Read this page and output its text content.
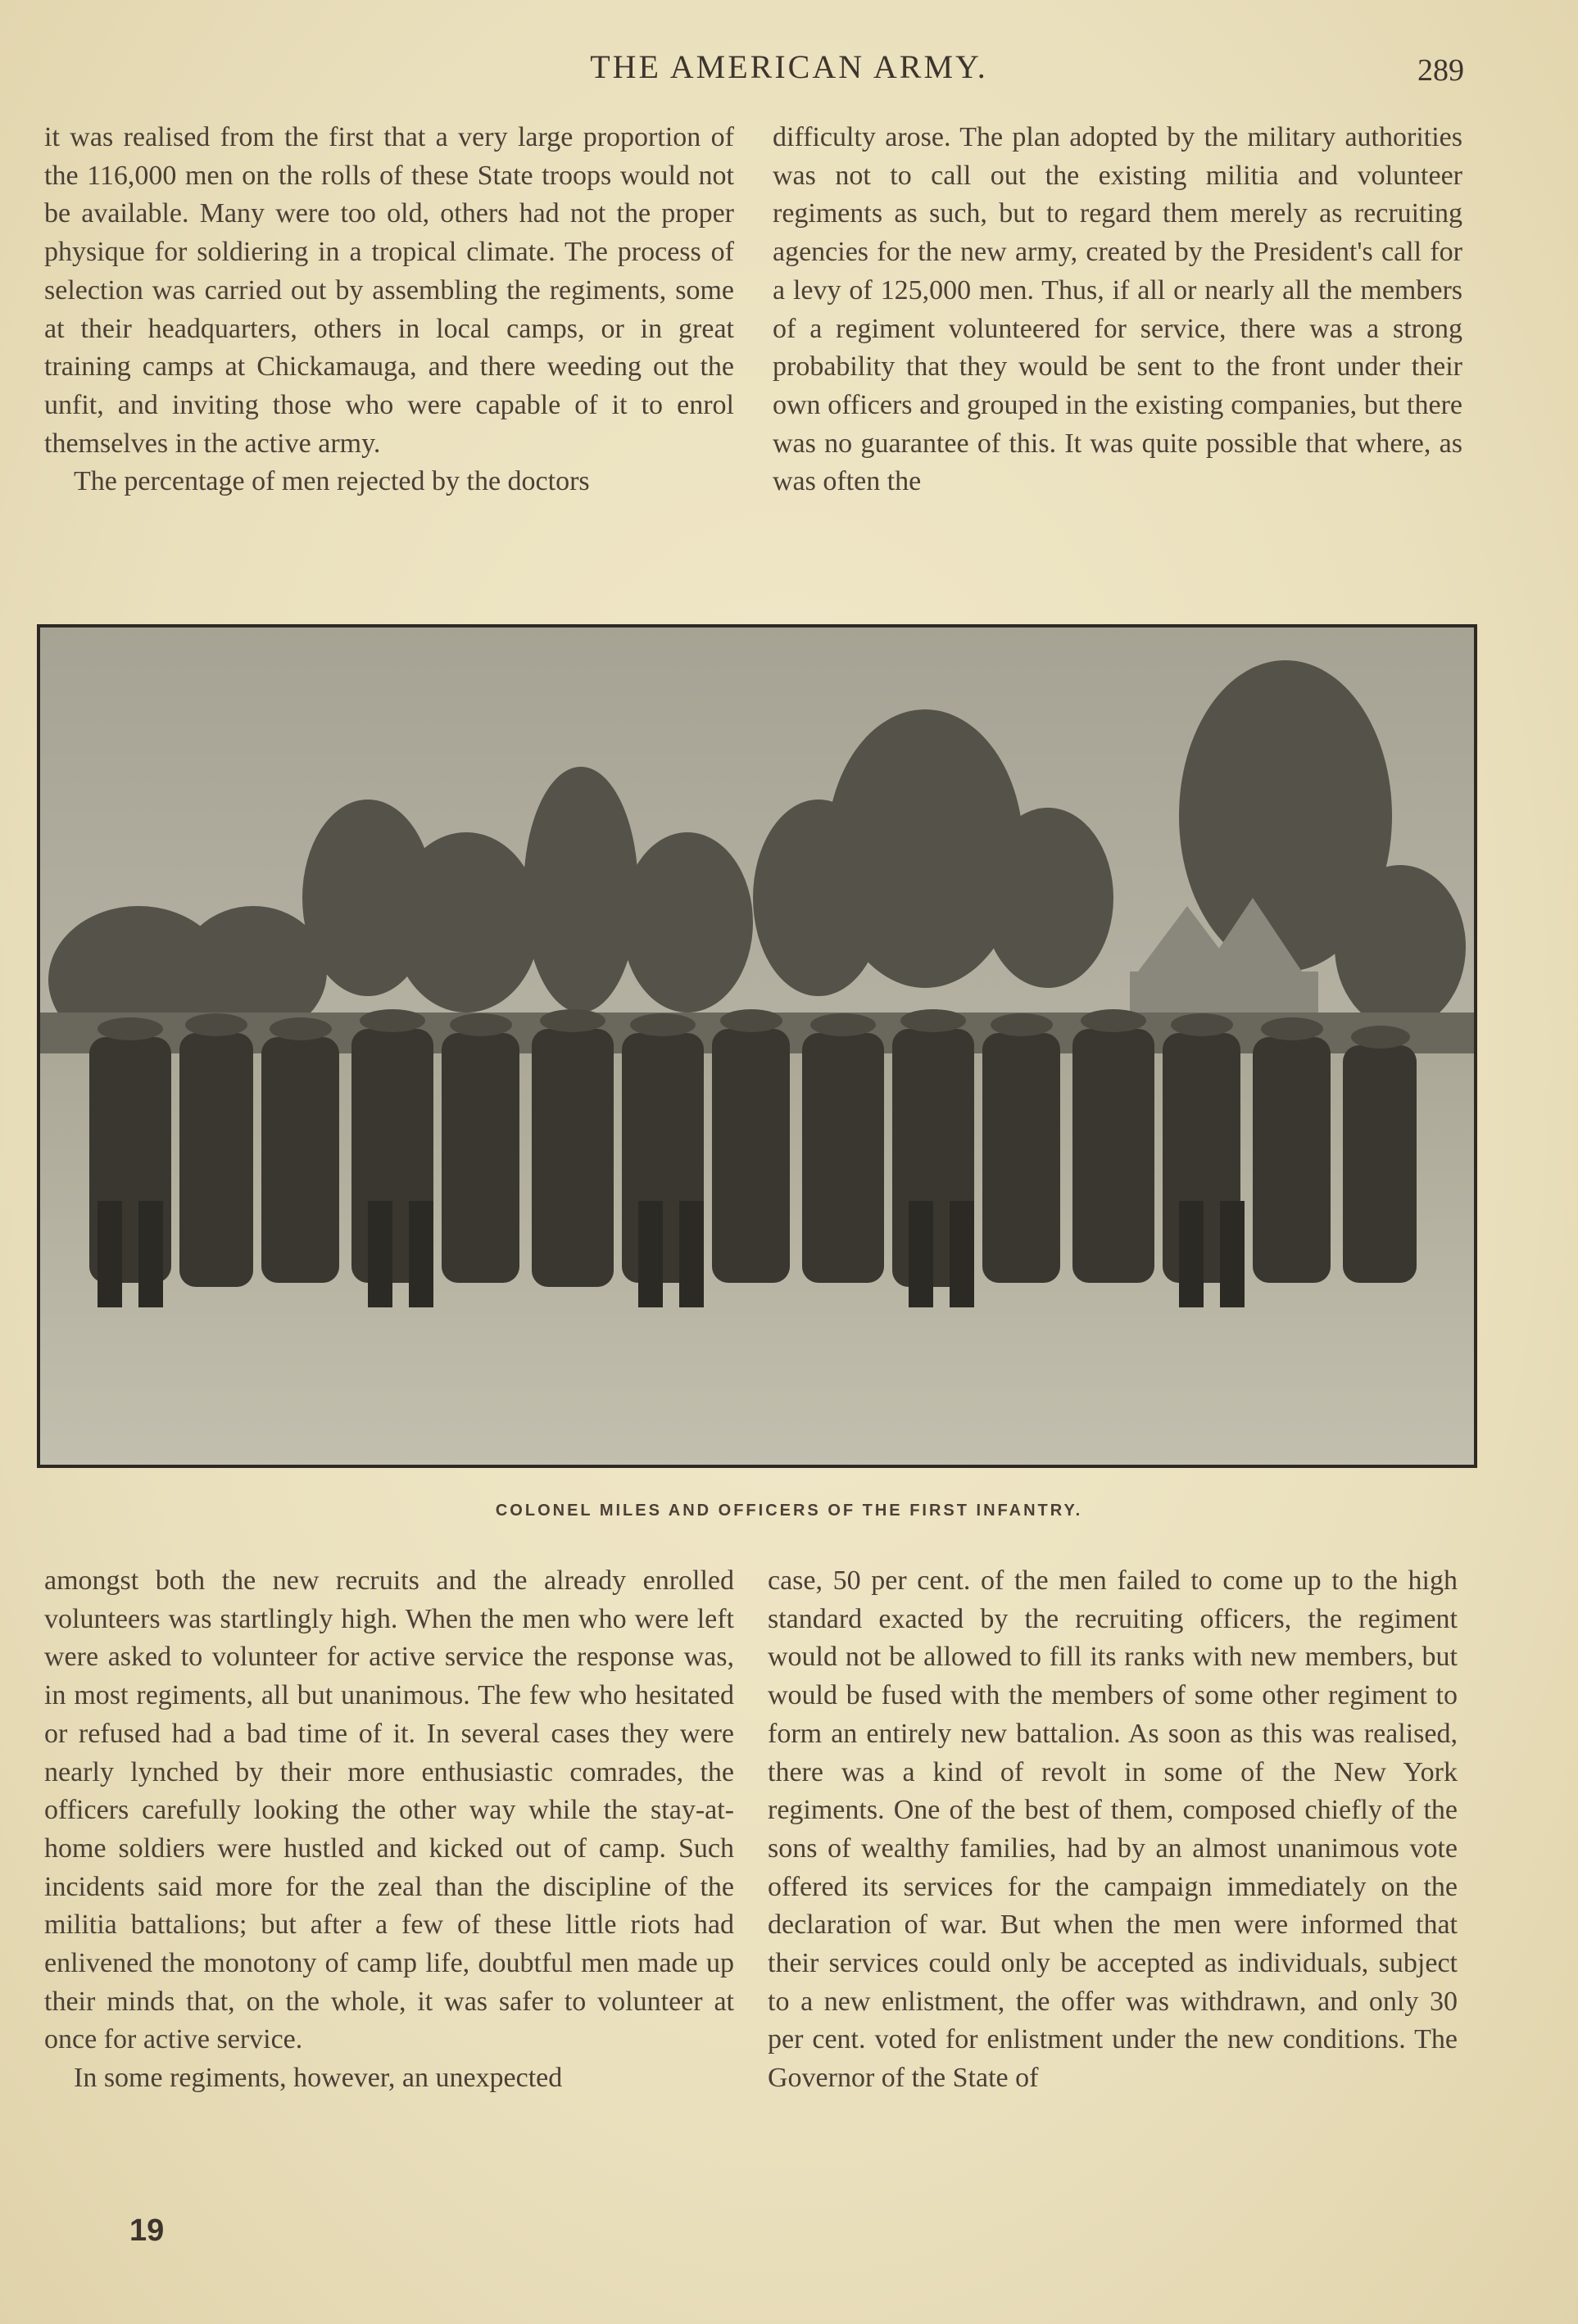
THE AMERICAN ARMY.	289

it was realised from the first that a very large proportion of the 116,000 men on the rolls of these State troops would not be available. Many were too old, others had not the proper physique for soldiering in a tropical climate. The process of selection was carried out by assembling the regiments, some at their headquarters, others in local camps, or in great training camps at Chickamauga, and there weeding out the unfit, and inviting those who were capable of it to enrol themselves in the active army.

The percentage of men rejected by the doctors

difficulty arose. The plan adopted by the military authorities was not to call out the existing militia and volunteer regiments as such, but to regard them merely as recruiting agencies for the new army, created by the President's call for a levy of 125,000 men. Thus, if all or nearly all the members of a regiment volunteered for service, there was a strong probability that they would be sent to the front under their own officers and grouped in the existing companies, but there was no guarantee of this. It was quite possible that where, as was often the

COLONEL MILES AND OFFICERS OF THE FIRST INFANTRY.

amongst both the new recruits and the already enrolled volunteers was startlingly high. When the men who were left were asked to volunteer for active service the response was, in most regiments, all but unanimous. The few who hesitated or refused had a bad time of it. In several cases they were nearly lynched by their more enthusiastic comrades, the officers carefully looking the other way while the stay-at-home soldiers were hustled and kicked out of camp. Such incidents said more for the zeal than the discipline of the militia battalions; but after a few of these little riots had enlivened the monotony of camp life, doubtful men made up their minds that, on the whole, it was safer to volunteer at once for active service.

In some regiments, however, an unexpected

case, 50 per cent. of the men failed to come up to the high standard exacted by the recruiting officers, the regiment would not be allowed to fill its ranks with new members, but would be fused with the members of some other regiment to form an entirely new battalion. As soon as this was realised, there was a kind of revolt in some of the New York regiments. One of the best of them, composed chiefly of the sons of wealthy families, had by an almost unanimous vote offered its services for the campaign immediately on the declaration of war. But when the men were informed that their services could only be accepted as individuals, subject to a new enlistment, the offer was withdrawn, and only 30 per cent. voted for enlistment under the new conditions. The Governor of the State of

19
